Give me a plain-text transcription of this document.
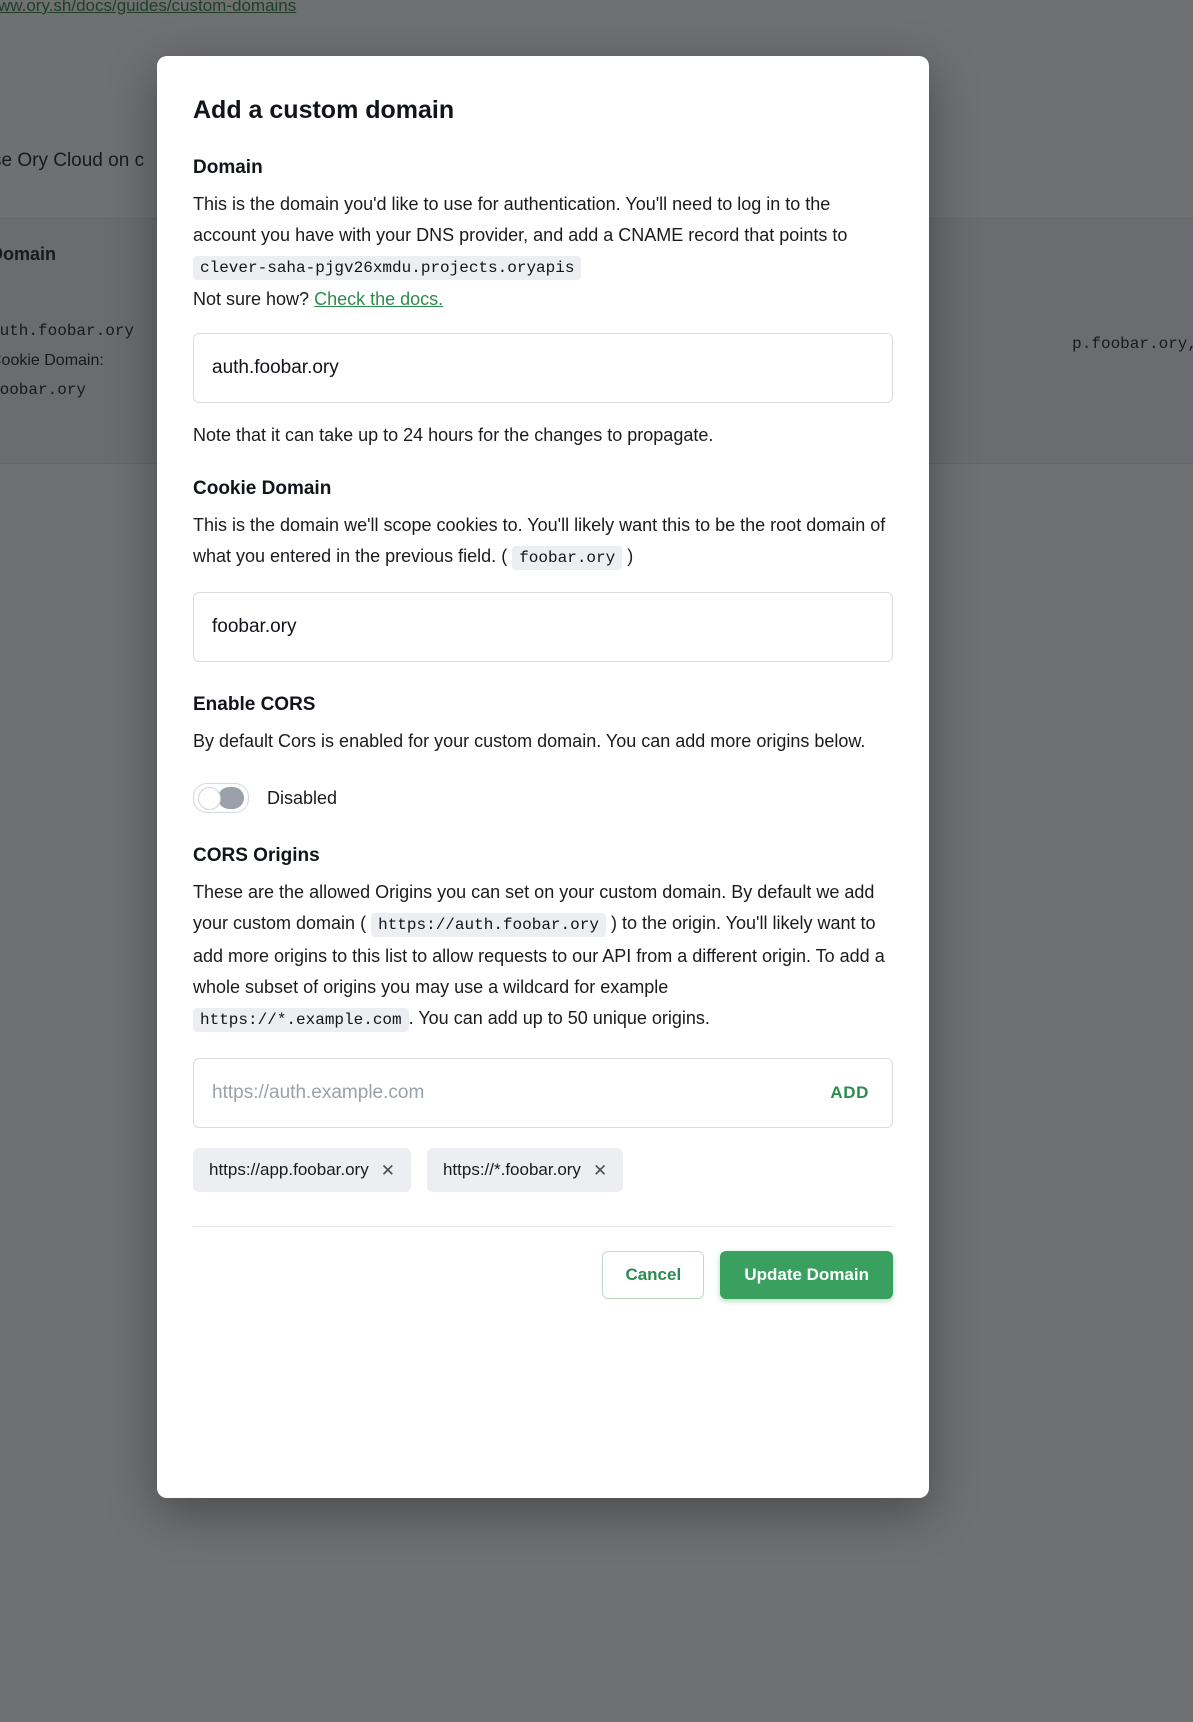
Add a custom domain
Domain

This is the domain you'd like to use for authentication. You'll need to log in to the account you have with your DNS provider, and add a CNAME record that points to clever-saha-pjgv26xmdu.projects.oryapis
Not sure how? Check the docs.

auth.foobar.ory

Note that it can take up to 24 hours for the changes to propagate.

Cookie Domain

This is the domain we'll scope cookies to. You'll likely want this to be the root domain of what you entered in the previous field. ( foobar.ory )

foobar.ory
Enable CORS

By default Cors is enabled for your custom domain. You can add more origins below.

Disabled
CORS Origins

These are the allowed Origins you can set on your custom domain. By default we add your custom domain ( https://auth.foobar.ory ) to the origin. You'll likely want to add more origins to this list to allow requests to our API from a different origin. To add a whole subset of origins you may use a wildcard for example https://*.example.com . You can add up to 50 unique origins.

https://auth.example.com
ADD
https://app.foobar.ory ✕	https://*.foobar.ory ✕
Cancel	Update Domain
